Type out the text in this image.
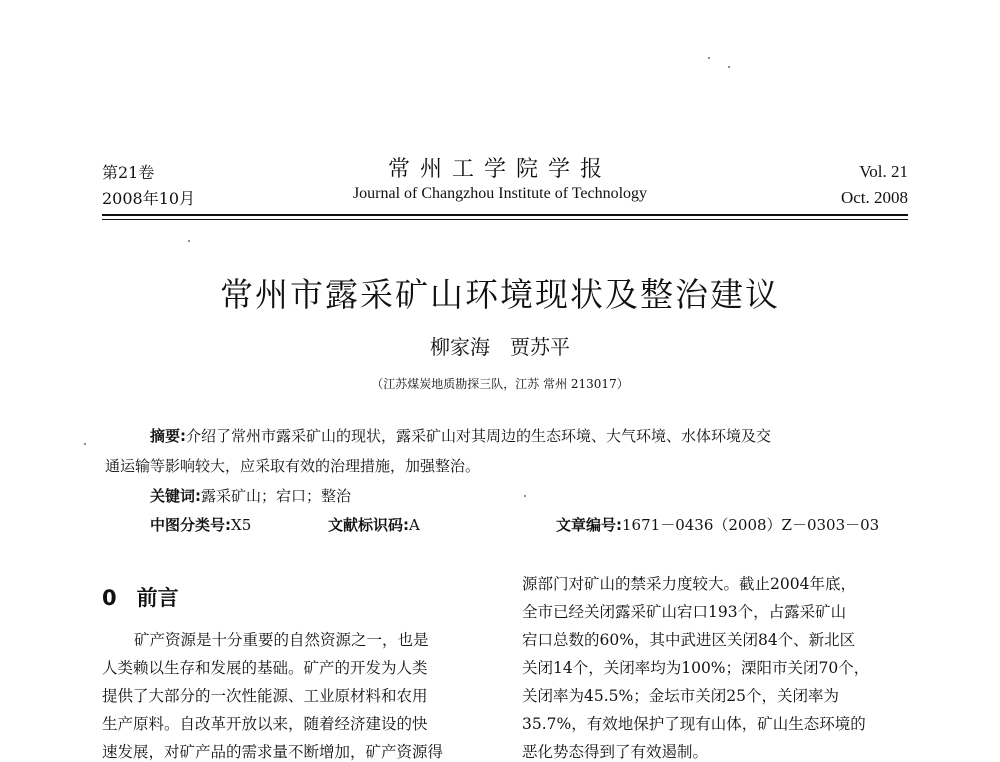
第21卷
2008年10月
常州工学院学报
Journal of Changzhou Institute of Technology
Vol. 21
Oct. 2008
常州市露采矿山环境现状及整治建议
柳家海　贾苏平
（江苏煤炭地质勘探三队，江苏 常州 213017）
摘要:介绍了常州市露采矿山的现状，露采矿山对其周边的生态环境、大气环境、水体环境及交
通运输等影响较大，应采取有效的治理措施，加强整治。
关键词:露采矿山；宕口；整治
中图分类号:X5	文献标识码:A	文章编号:1671－0436（2008）Z－0303－03
0 前言
矿产资源是十分重要的自然资源之一，也是
人类赖以生存和发展的基础。矿产的开发为人类
提供了大部分的一次性能源、工业原材料和农用
生产原料。自改革开放以来，随着经济建设的快
速发展，对矿产品的需求量不断增加，矿产资源得
源部门对矿山的禁采力度较大。截止2004年底，
全市已经关闭露采矿山宕口193个，占露采矿山
宕口总数的60%，其中武进区关闭84个、新北区
关闭14个，关闭率均为100%；溧阳市关闭70个，
关闭率为45.5%；金坛市关闭25个，关闭率为
35.7%，有效地保护了现有山体，矿山生态环境的
恶化势态得到了有效遏制。
